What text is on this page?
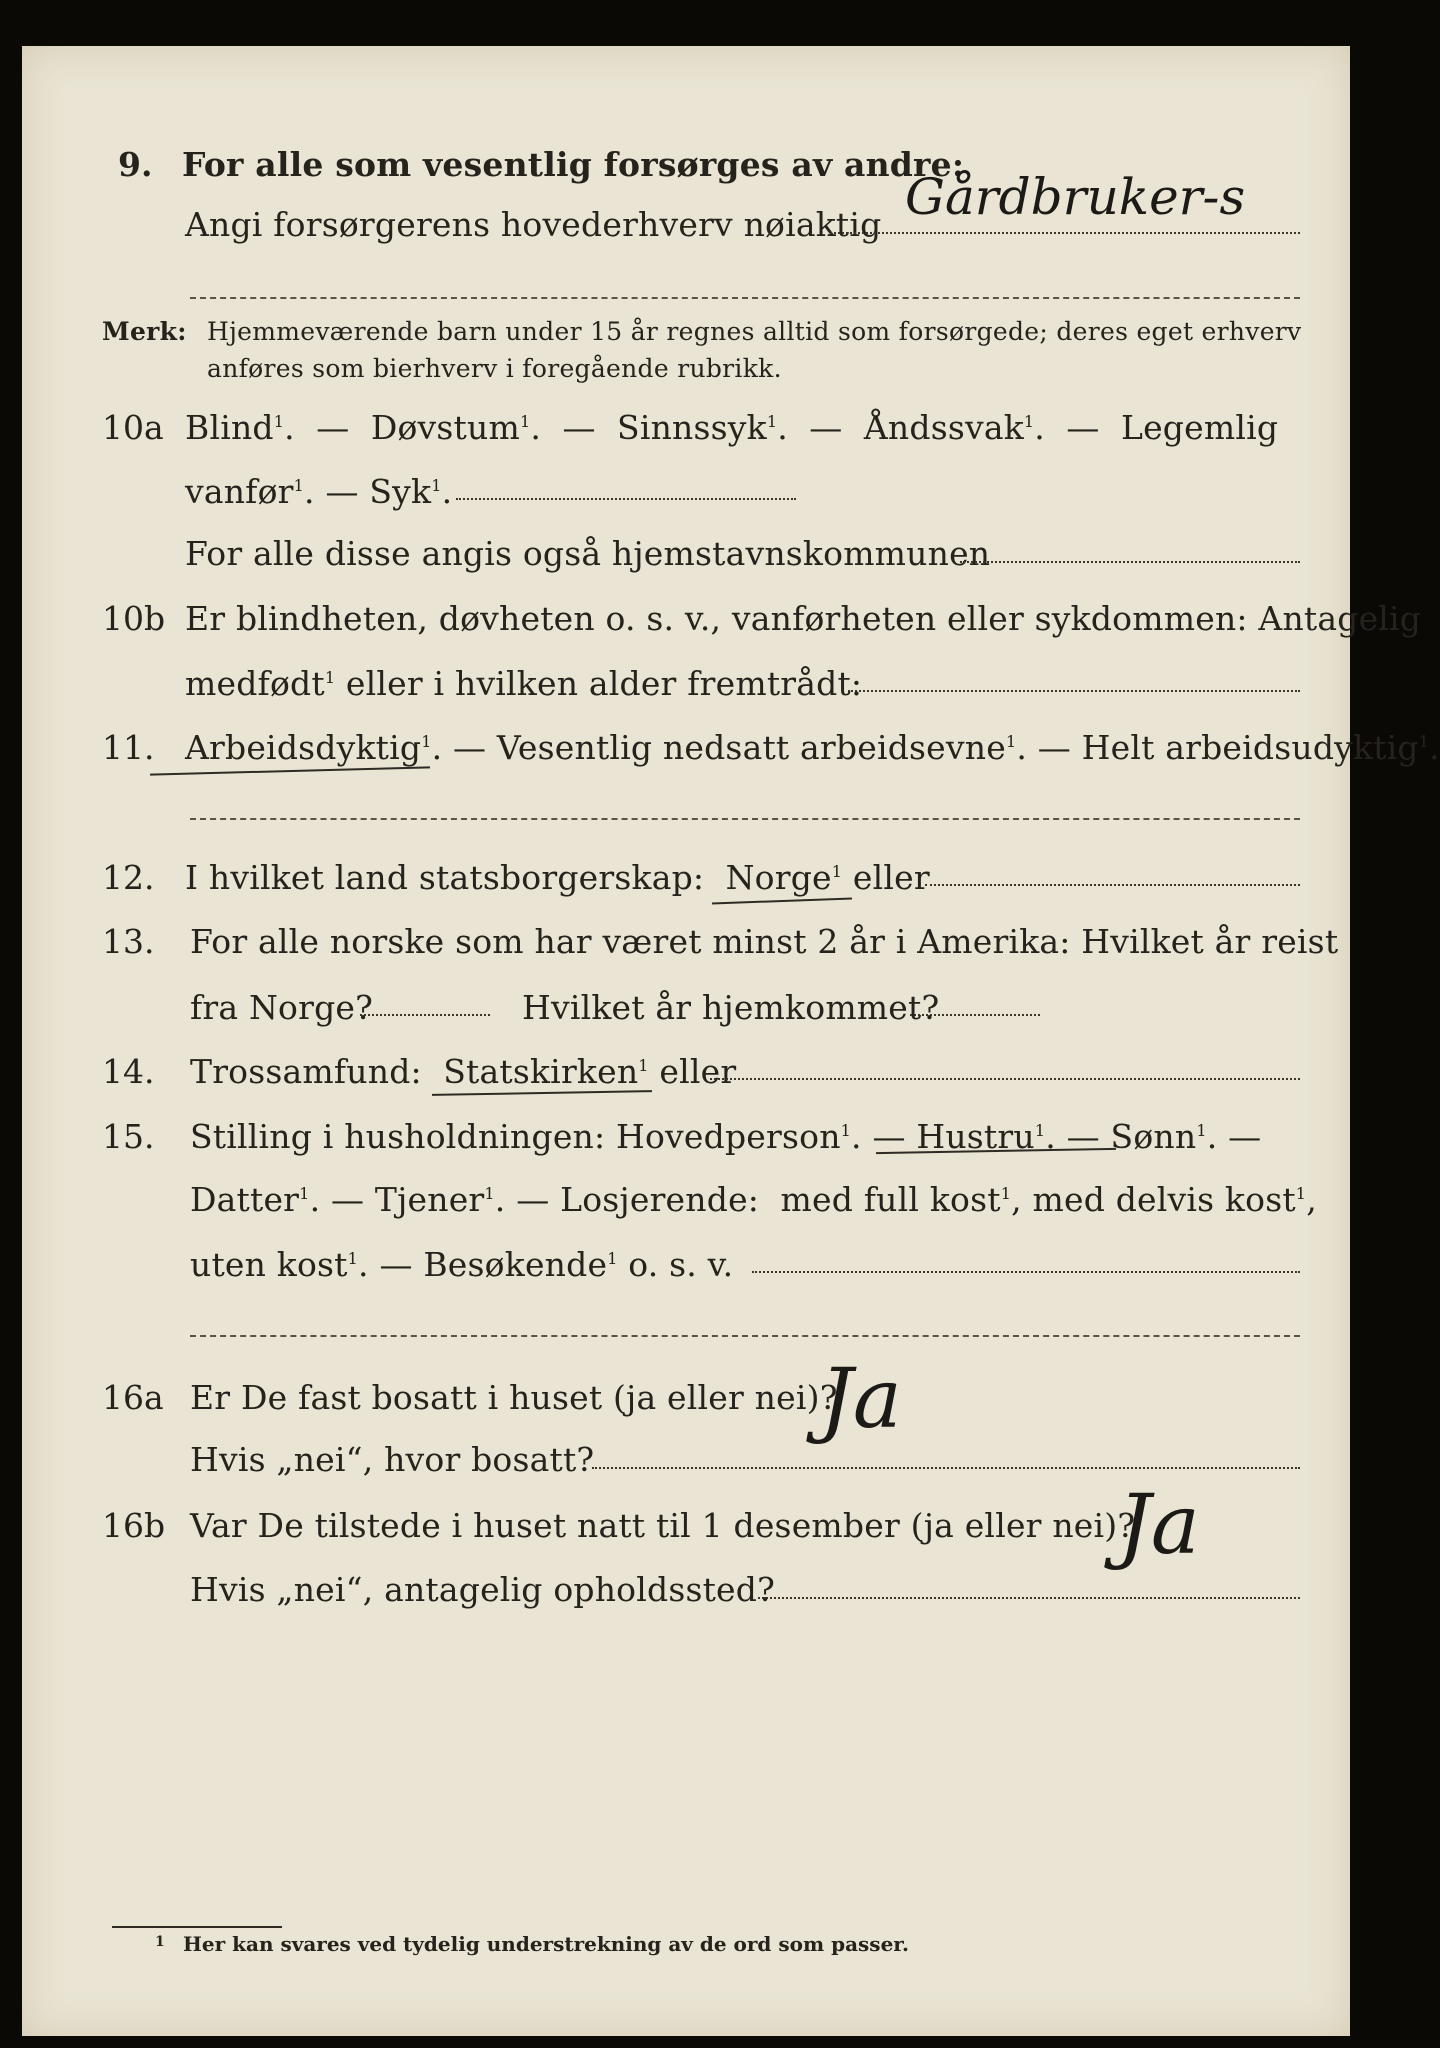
9. For alle som vesentlig forsørges av andre:
Angi forsørgerens hovederhverv nøiaktig Gårdbruker-s
Merk: Hjemmeværende barn under 15 år regnes alltid som forsørgede; deres eget erhverv
anføres som bierhverv i foregående rubrikk.
10a Blind$^1$. — Døvstum$^1$. — Sinnssyk$^1$. — Åndssvak$^1$. — Legemlig
vanfør$^1$. — Syk$^1$.
For alle disse angis også hjemstavnskommunen
10b Er blindheten, døvheten o. s. v., vanførheten eller sykdommen: Antagelig
medfødt$^1$ eller i hvilken alder fremtrådt:
11. Arbeidsdyktig$^1$. — Vesentlig nedsatt arbeidsevne$^1$. — Helt arbeidsudyktig$^1$.
12. I hvilket land statsborgerskap: Norge$^1$ eller
13. For alle norske som har været minst 2 år i Amerika: Hvilket år reist
fra Norge?	Hvilket år hjemkommet?
14. Trossamfund: Statskirken$^1$ eller
15. Stilling i husholdningen: Hovedperson$^1$. — Hustru$^1$. — Sønn$^1$. —
Datter$^1$. — Tjener$^1$. — Losjerende: med full kost$^1$, med delvis kost$^1$,
uten kost$^1$. — Besøkende$^1$ o. s. v.
16a Er De fast bosatt i huset (ja eller nei)?
Ja
Hvis „nei“, hvor bosatt?
16b Var De tilstede i huset natt til 1 desember (ja eller nei)?
Ja
Hvis „nei“, antagelig opholdssted?
1 Her kan svares ved tydelig understrekning av de ord som passer.
